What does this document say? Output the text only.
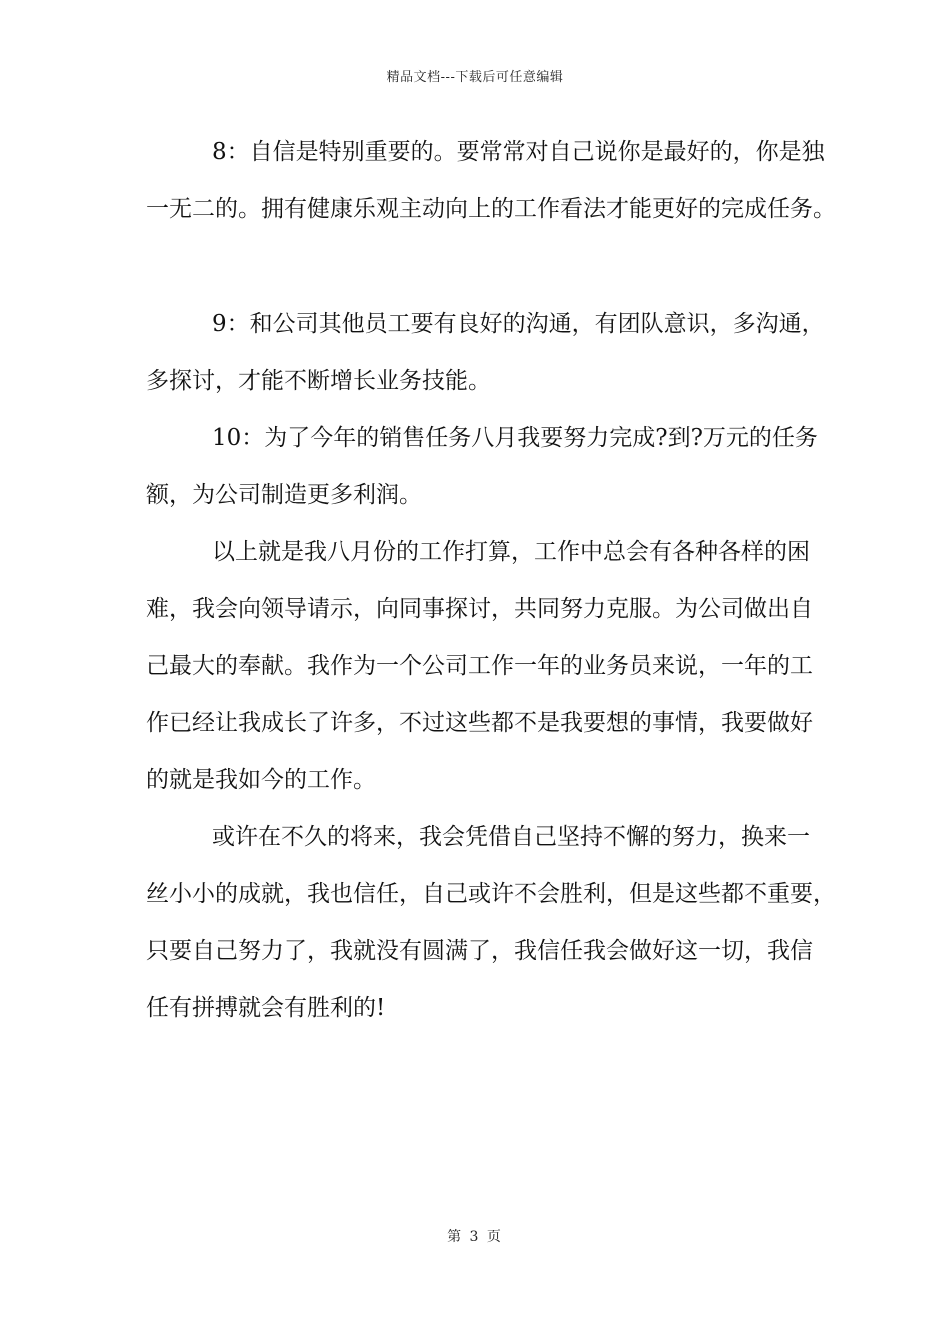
精品文档---下载后可任意编辑
8：自信是特别重要的。要常常对自己说你是最好的，你是独
一无二的。拥有健康乐观主动向上的工作看法才能更好的完成任务。
9：和公司其他员工要有良好的沟通，有团队意识，多沟通，
多探讨，才能不断增长业务技能。
10：为了今年的销售任务八月我要努力完成?到?万元的任务
额，为公司制造更多利润。
以上就是我八月份的工作打算，工作中总会有各种各样的困
难，我会向领导请示，向同事探讨，共同努力克服。为公司做出自
己最大的奉献。我作为一个公司工作一年的业务员来说，一年的工
作已经让我成长了许多，不过这些都不是我要想的事情，我要做好
的就是我如今的工作。
或许在不久的将来，我会凭借自己坚持不懈的努力，换来一
丝小小的成就，我也信任，自己或许不会胜利，但是这些都不重要，
只要自己努力了，我就没有圆满了，我信任我会做好这一切，我信
任有拼搏就会有胜利的!
第 3 页
